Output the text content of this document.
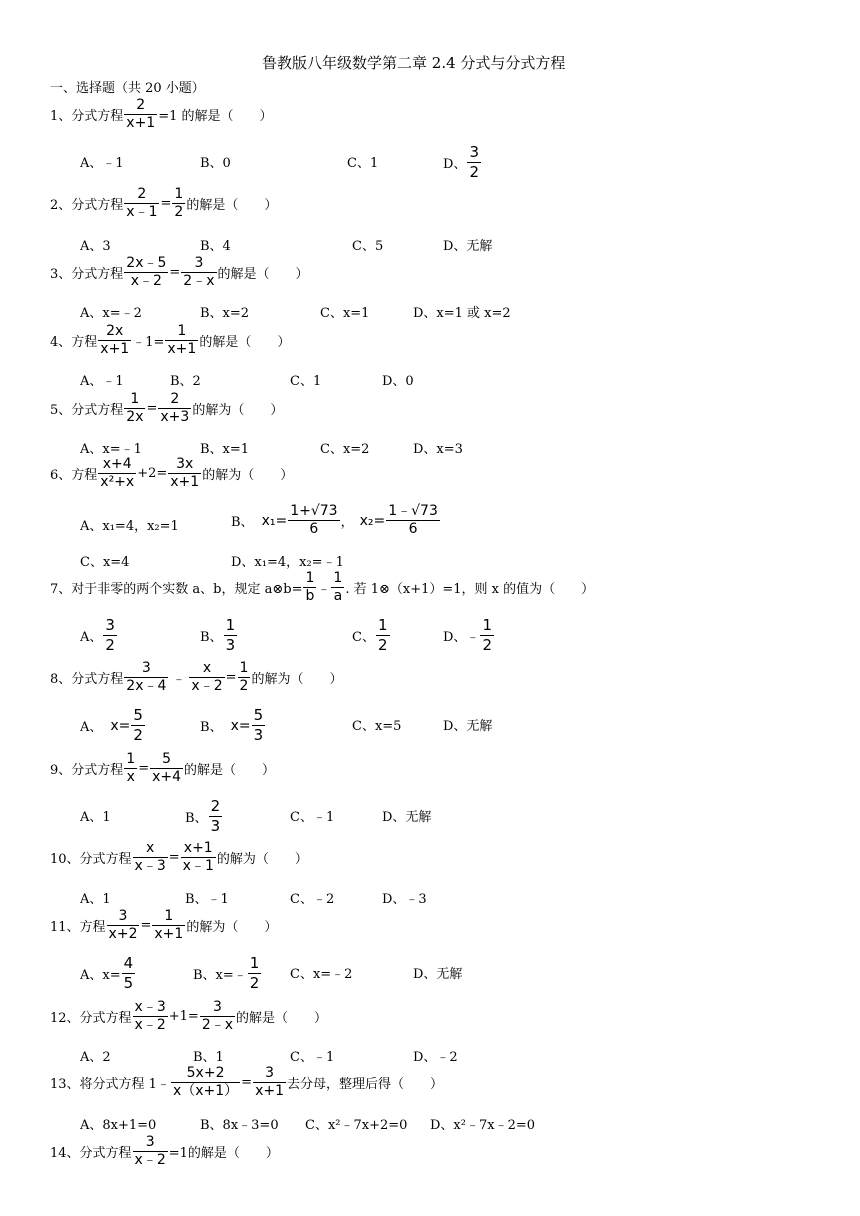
鲁教版八年级数学第二章 2.4 分式与分式方程
一、选择题（共 20 小题）
1、分式方程 $\frac{2}{x+1} =1$ 的解是（　　）
A、﹣1	B、0	C、1	D、 $\frac{3}{2}$
2、分式方程 $\frac{2}{x﹣1} = \frac{1}{2}$ 的解是（　　）
A、3	B、4	C、5	D、无解
3、分式方程 $\frac{2x﹣5}{x﹣2} = \frac{3}{2﹣x}$ 的解是（　　）
A、x=﹣2	B、x=2	C、x=1	D、x=1 或 x=2
4、方程 $\frac{2x}{x+1}$ ﹣1= $\frac{1}{x+1}$ 的解是（　　）
A、﹣1	B、2	C、1	D、0
5、分式方程 $\frac{1}{2x} = \frac{2}{x+3}$ 的解为（　　）
A、x=﹣1	B、x=1	C、x=2	D、x=3
6、方程 $\frac{x+4}{\text{x²+x}} +2= \frac{3x}{x+1}$ 的解为（　　）
A、x₁=4，x₂=1	B、 $x_1= \frac{1+√73}{6}$ ， $x_2= \frac{1﹣√73}{6}$
C、x=4	D、x₁=4，x₂=﹣1
7、对于非零的两个实数 a、b，规定 a⊗b= $\frac{1}{b}$ ﹣ $\frac{1}{a}$ . 若 1⊗（x+1）=1，则 x 的值为（　　）
A、 $\frac{3}{2}$	B、 $\frac{1}{3}$	C、 $\frac{1}{2}$	D、﹣ $\frac{1}{2}$
8、分式方程 $\frac{3}{2x﹣4}$ ﹣ $\frac{x}{x﹣2} = \frac{1}{2}$ 的解为（　　）
A、 $x= \frac{5}{2}$	B、 $x= \frac{5}{3}$	C、x=5	D、无解
9、分式方程 $\frac{1}{x} = \frac{5}{x+4}$ 的解是（　　）
A、1	B、 $\frac{2}{3}$	C、﹣1	D、无解
10、分式方程 $\frac{x}{x﹣3} = \frac{x+1}{x﹣1}$ 的解为（　　）
A、1	B、﹣1	C、﹣2	D、﹣3
11、方程 $\frac{3}{x+2} = \frac{1}{x+1}$ 的解为（　　）
A、$x= \frac{4}{5}$	B、x=﹣ $\frac{1}{2}$ C、x=﹣2	D、无解
12、分式方程 $\frac{x﹣3}{x﹣2} +1= \frac{3}{2﹣x}$ 的解是（　　）
A、2	B、1	C、﹣1	D、﹣2
13、将分式方程 1﹣ $\frac{5x+2}{x(x+1)} = \frac{3}{x+1}$ 去分母，整理后得（　　）
A、8x+1=0	B、8x﹣3=0 C、x²﹣7x+2=0 D、x²﹣7x﹣2=0
14、分式方程 $\frac{3}{x﹣2} =1$的解是（　　）
